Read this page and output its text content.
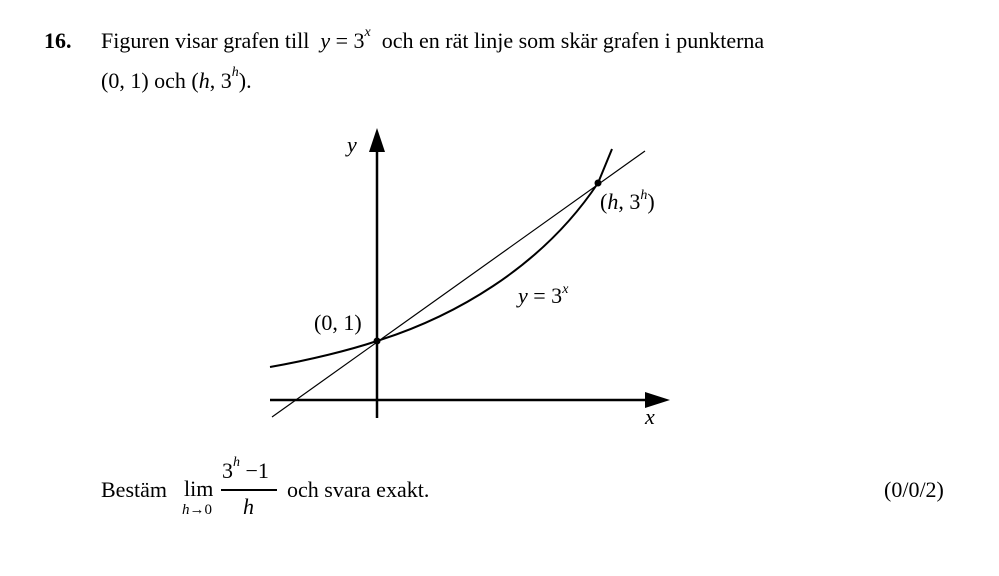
16. Figuren visar grafen till $y = 3^x$ och en rät linje som skär grafen i punkterna
(0, 1) och (h, 3$^h$).
y
x
(0, 1)
(h, 3$^h$)
$y = 3^x$
Bestäm lim
h→0
$3^h -1$
h
och svara exakt.	(0/0/2)
